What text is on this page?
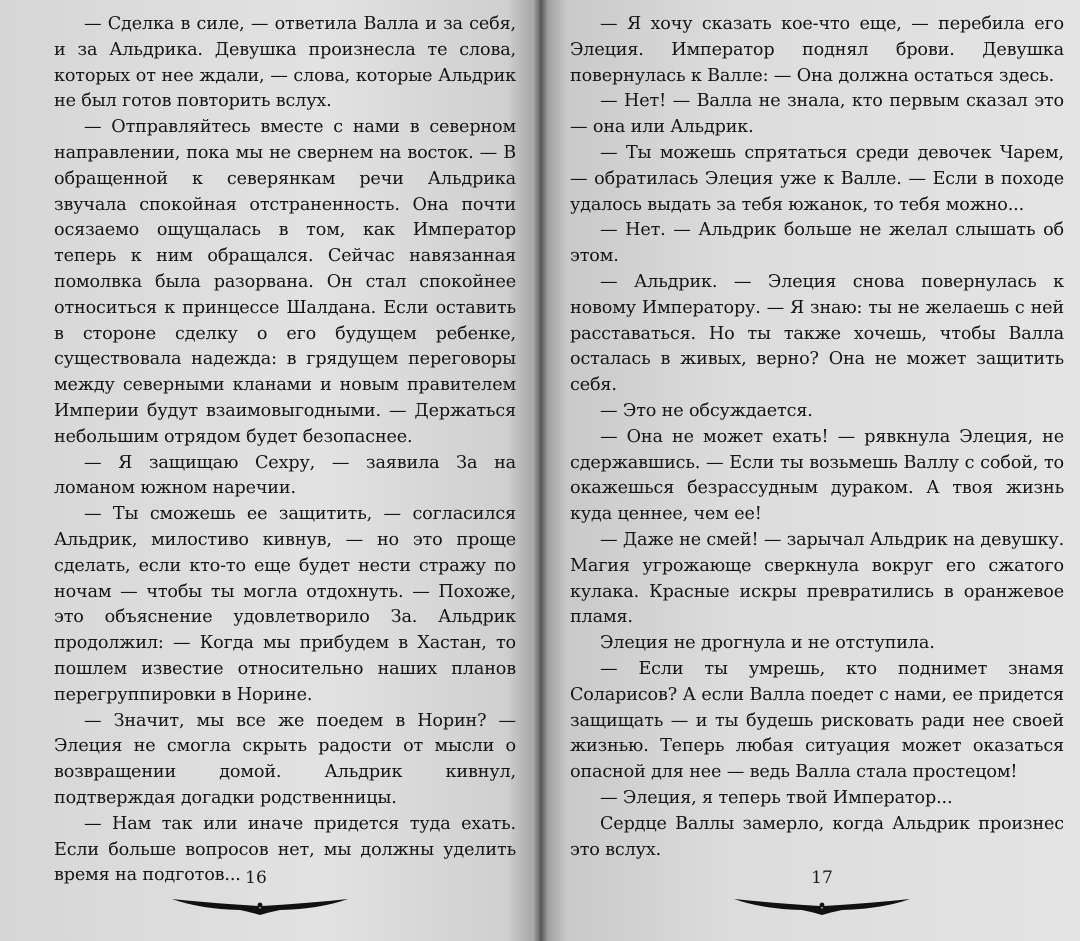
— Сделка в силе, — ответила Валла и за себя, и за Альдрика. Девушка произнесла те слова, которых от нее ждали, — слова, которые Альдрик не был готов повторить вслух.

— Отправляйтесь вместе с нами в северном направлении, пока мы не свернем на восток. — В обращенной к северянкам речи Альдрика звучала спокойная отстраненность. Она почти осязаемо ощущалась в том, как Император теперь к ним обращался. Сейчас навязанная помолвка была разорвана. Он стал спокойнее относиться к принцессе Шалдана. Если оставить в стороне сделку о его будущем ребенке, существовала надежда: в грядущем переговоры между северными кланами и новым правителем Империи будут взаимовыгодными. — Держаться небольшим отрядом будет безопаснее.

— Я защищаю Сехру, — заявила За на ломаном южном наречии.

— Ты сможешь ее защитить, — согласился Альдрик, милостиво кивнув, — но это проще сделать, если кто-то еще будет нести стражу по ночам — чтобы ты могла отдохнуть. — Похоже, это объяснение удовлетворило За. Альдрик продолжил: — Когда мы прибудем в Хастан, то пошлем известие относительно наших планов перегруппировки в Норине.

— Значит, мы все же поедем в Норин? — Элеция не смогла скрыть радости от мысли о возвращении домой. Альдрик кивнул, подтверждая догадки родственницы.

— Нам так или иначе придется туда ехать. Если больше вопросов нет, мы должны уделить время на подготов...

— Я хочу сказать кое-что еще, — перебила его Элеция. Император поднял брови. Девушка повернулась к Валле: — Она должна остаться здесь.

— Нет! — Валла не знала, кто первым сказал это — она или Альдрик.

— Ты можешь спрятаться среди девочек Чарем, — обратилась Элеция уже к Валле. — Если в походе удалось выдать за тебя южанок, то тебя можно...

— Нет. — Альдрик больше не желал слышать об этом.

— Альдрик. — Элеция снова повернулась к новому Императору. — Я знаю: ты не желаешь с ней расставаться. Но ты также хочешь, чтобы Валла осталась в живых, верно? Она не может защитить себя.

— Это не обсуждается.

— Она не может ехать! — рявкнула Элеция, не сдержавшись. — Если ты возьмешь Валлу с собой, то окажешься безрассудным дураком. А твоя жизнь куда ценнее, чем ее!

— Даже не смей! — зарычал Альдрик на девушку. Магия угрожающе сверкнула вокруг его сжатого кулака. Красные искры превратились в оранжевое пламя.

Элеция не дрогнула и не отступила.

— Если ты умрешь, кто поднимет знамя Соларисов? А если Валла поедет с нами, ее придется защищать — и ты будешь рисковать ради нее своей жизнью. Теперь любая ситуация может оказаться опасной для нее — ведь Валла стала простецом!

— Элеция, я теперь твой Император...

Сердце Валлы замерло, когда Альдрик произнес это вслух.

16	17
